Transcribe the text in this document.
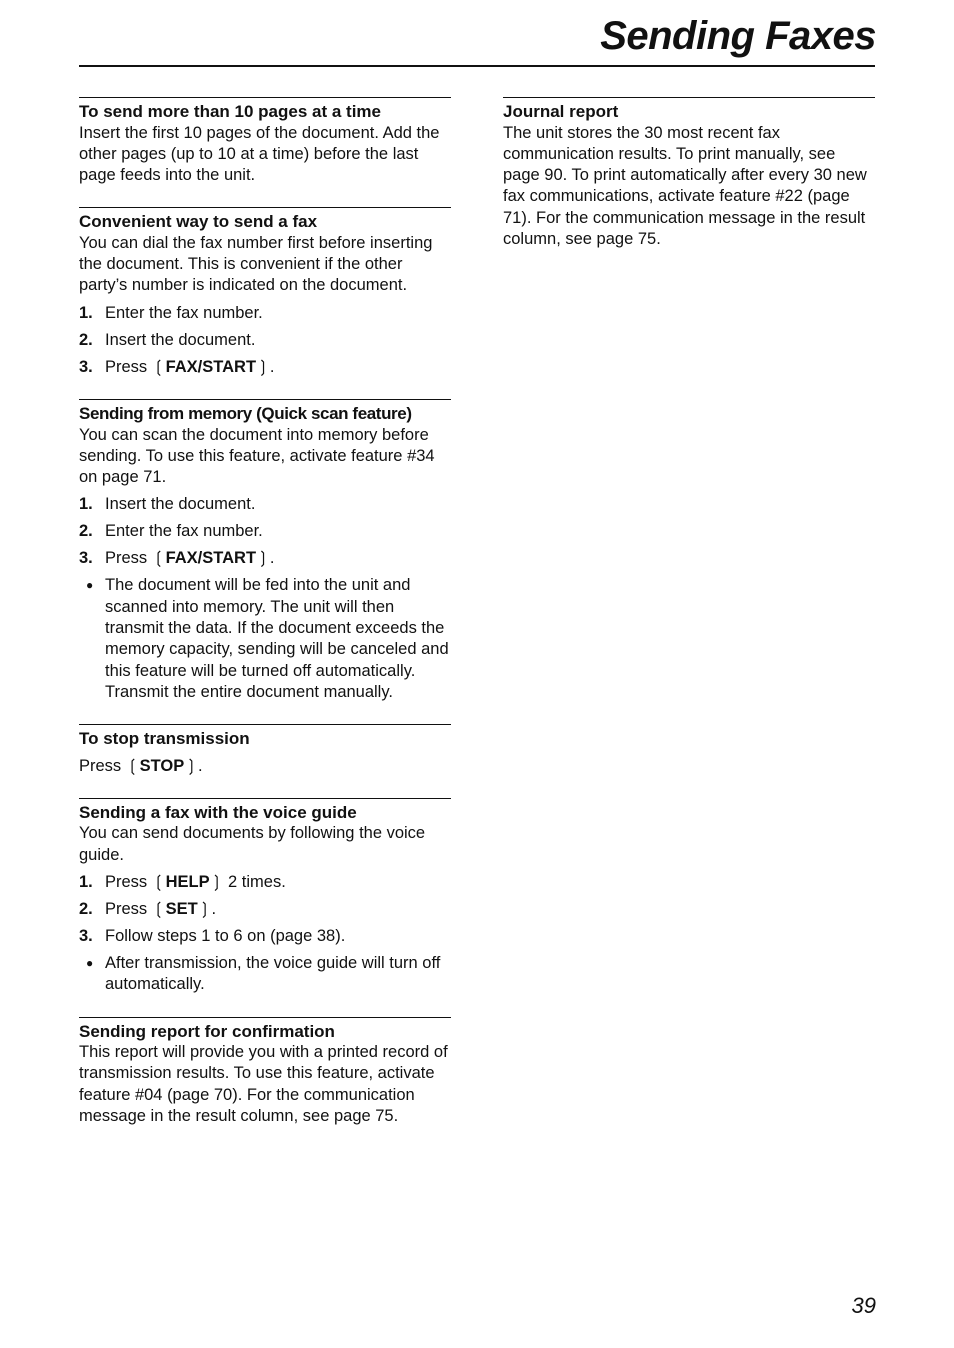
Sending Faxes
To send more than 10 pages at a time

Insert the first 10 pages of the document. Add the other pages (up to 10 at a time) before the last page feeds into the unit.

Convenient way to send a fax

You can dial the fax number first before inserting the document. This is convenient if the other party’s number is indicated on the document.

1. Enter the fax number.
2. Insert the document.
3. Press ❲FAX/START❳.
Sending from memory (Quick scan feature)

You can scan the document into memory before sending. To use this feature, activate feature #34 on page 71.

1. Insert the document.
2. Enter the fax number.
3. Press ❲FAX/START❳.
● The document will be fed into the unit and scanned into memory. The unit will then transmit the data. If the document exceeds the memory capacity, sending will be canceled and this feature will be turned off automatically. Transmit the entire document manually.
To stop transmission
Press ❲STOP❳.
Sending a fax with the voice guide

You can send documents by following the voice guide.

1. Press ❲HELP❳ 2 times.
2. Press ❲SET❳.
3. Follow steps 1 to 6 on (page 38).
● After transmission, the voice guide will turn off automatically.
Sending report for confirmation

This report will provide you with a printed record of transmission results. To use this feature, activate feature #04 (page 70). For the communication message in the result column, see page 75.

Journal report

The unit stores the 30 most recent fax communication results. To print manually, see page 90. To print automatically after every 30 new fax communications, activate feature #22 (page 71). For the communication message in the result column, see page 75.

39
